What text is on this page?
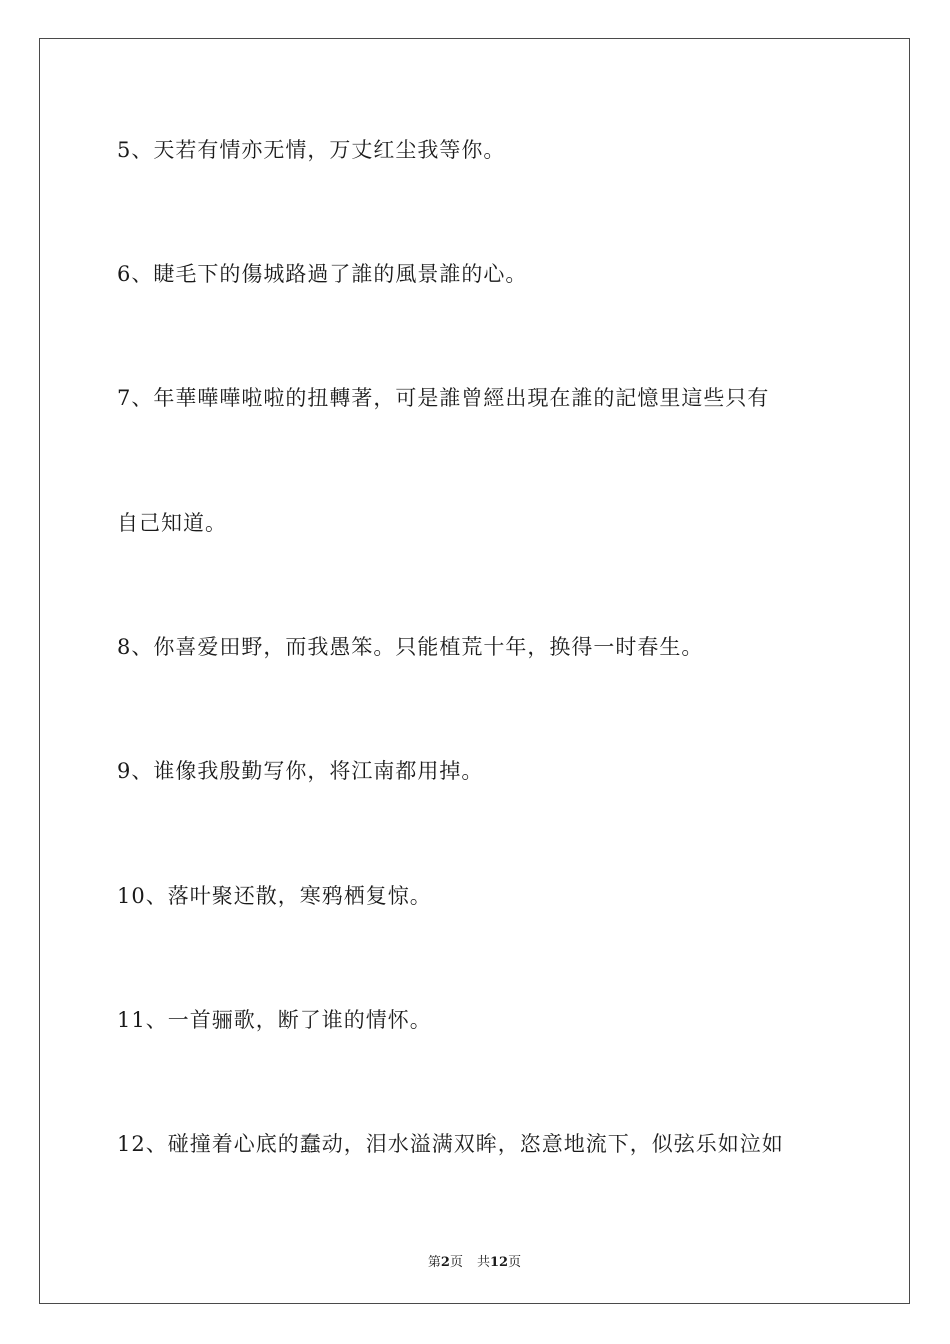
5、天若有情亦无情，万丈红尘我等你。
6、睫毛下的傷城路過了誰的風景誰的心。
7、年華嘩嘩啦啦的扭轉著，可是誰曾經出現在誰的記憶里這些只有
自己知道。
8、你喜爱田野，而我愚笨。只能植荒十年，换得一时春生。
9、谁像我殷勤写你，将江南都用掉。
10、落叶聚还散，寒鸦栖复惊。
11、一首骊歌，断了谁的情怀。
12、碰撞着心底的蠢动，泪水溢满双眸，恣意地流下，似弦乐如泣如
第2页 共12页
